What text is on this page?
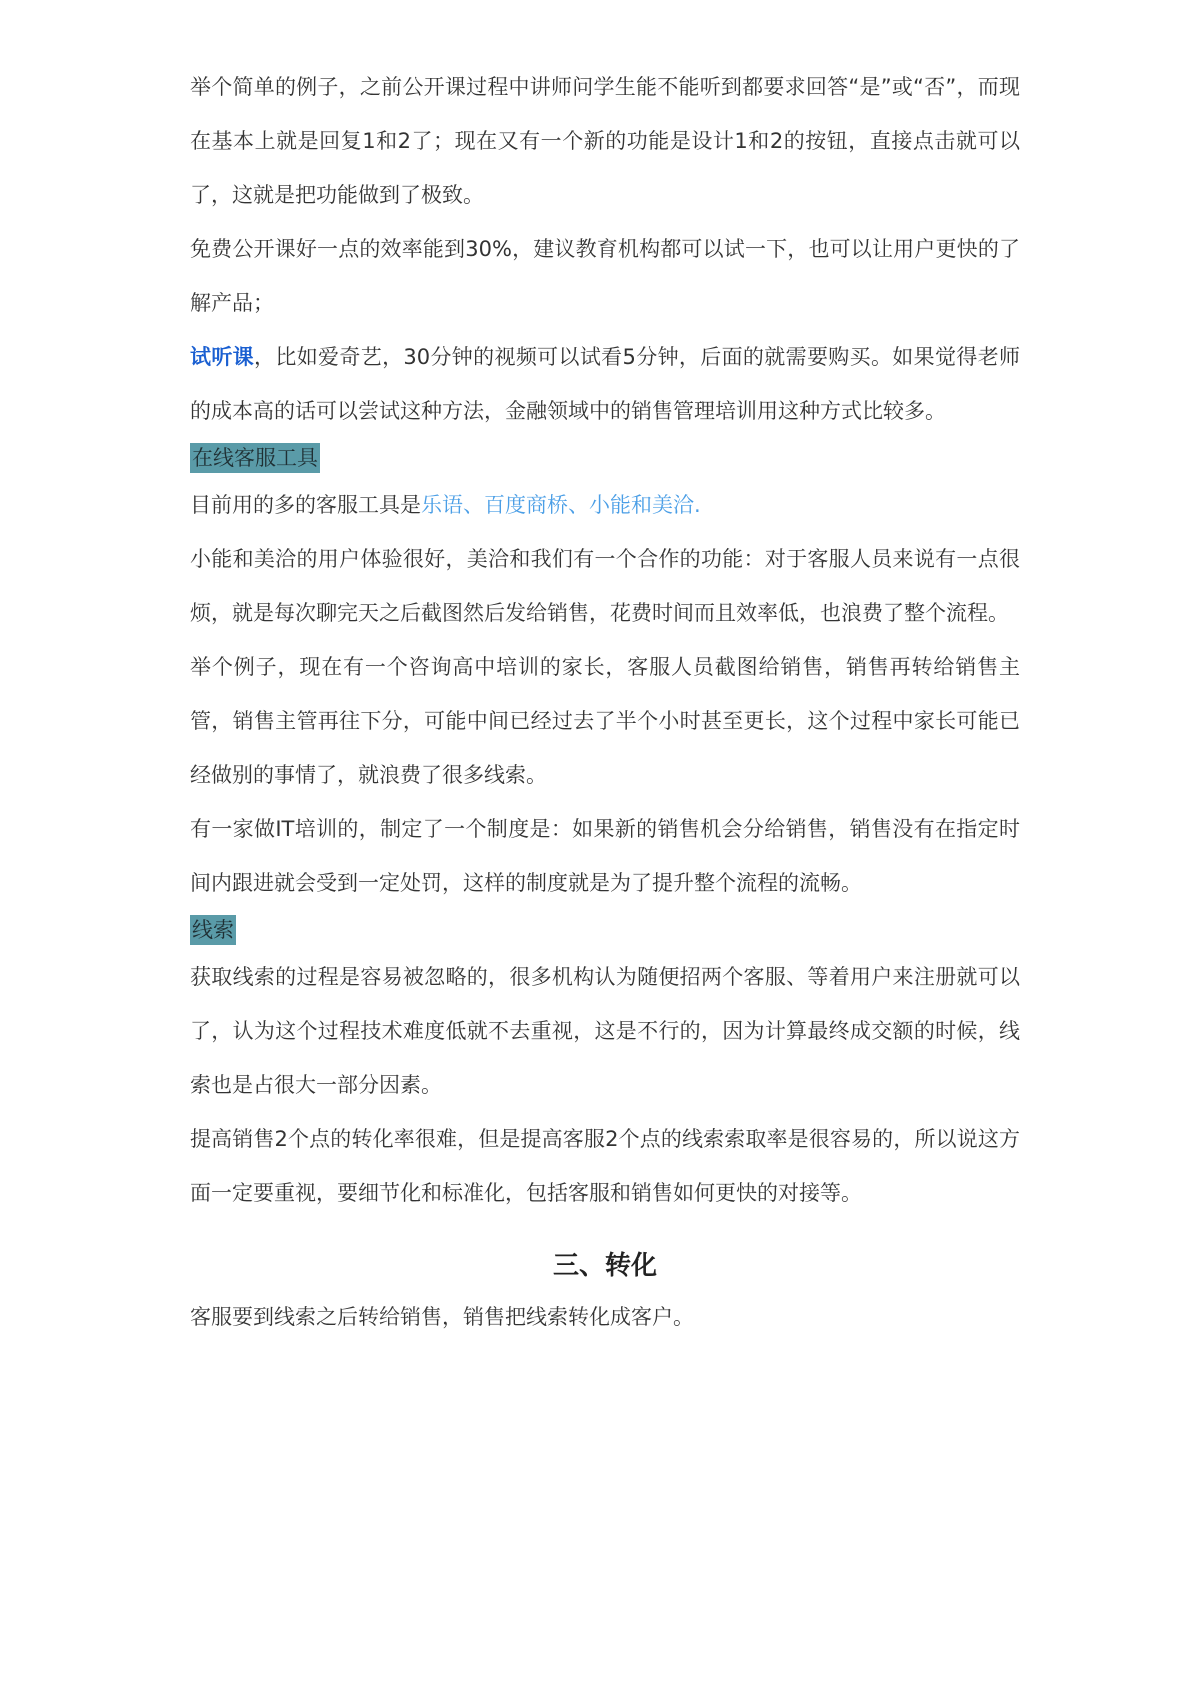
举个简单的例子，之前公开课过程中讲师问学生能不能听到都要求回答“是”或“否”，而现在基本上就是回复1和2了；现在又有一个新的功能是设计1和2的按钮，直接点击就可以了，这就是把功能做到了极致。

免费公开课好一点的效率能到30%，建议教育机构都可以试一下，也可以让用户更快的了解产品；

试听课，比如爱奇艺，30分钟的视频可以试看5分钟，后面的就需要购买。如果觉得老师的成本高的话可以尝试这种方法，金融领域中的销售管理培训用这种方式比较多。

在线客服工具

目前用的多的客服工具是乐语、百度商桥、小能和美洽.

小能和美洽的用户体验很好，美洽和我们有一个合作的功能：对于客服人员来说有一点很烦，就是每次聊完天之后截图然后发给销售，花费时间而且效率低，也浪费了整个流程。

举个例子，现在有一个咨询高中培训的家长，客服人员截图给销售，销售再转给销售主管，销售主管再往下分，可能中间已经过去了半个小时甚至更长，这个过程中家长可能已经做别的事情了，就浪费了很多线索。

有一家做IT培训的，制定了一个制度是：如果新的销售机会分给销售，销售没有在指定时间内跟进就会受到一定处罚，这样的制度就是为了提升整个流程的流畅。

线索

获取线索的过程是容易被忽略的，很多机构认为随便招两个客服、等着用户来注册就可以了，认为这个过程技术难度低就不去重视，这是不行的，因为计算最终成交额的时候，线索也是占很大一部分因素。

提高销售2个点的转化率很难，但是提高客服2个点的线索索取率是很容易的，所以说这方面一定要重视，要细节化和标准化，包括客服和销售如何更快的对接等。

三、转化

客服要到线索之后转给销售，销售把线索转化成客户。
